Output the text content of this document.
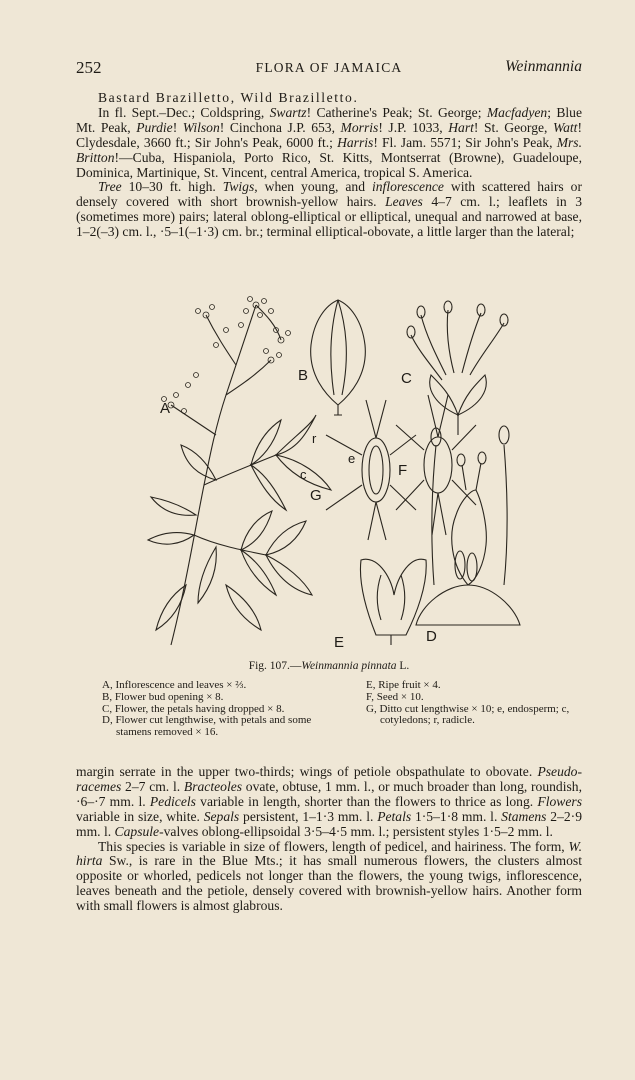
252	FLORA OF JAMAICA	Weinmannia

Bastard Brazilletto, Wild Brazilletto.

In fl. Sept.–Dec.; Coldspring, Swartz! Catherine's Peak; St. George; Macfadyen; Blue Mt. Peak, Purdie! Wilson! Cinchona J.P. 653, Morris! J.P. 1033, Hart! St. George, Watt! Clydesdale, 3660 ft.; Sir John's Peak, 6000 ft.; Harris! Fl. Jam. 5571; Sir John's Peak, Mrs. Britton!—Cuba, Hispaniola, Porto Rico, St. Kitts, Montserrat (Browne), Guadeloupe, Dominica, Martinique, St. Vincent, central America, tropical S. America.

Tree 10–30 ft. high. Twigs, when young, and inflorescence with scattered hairs or densely covered with short brownish-yellow hairs. Leaves 4–7 cm. l.; leaflets in 3 (sometimes more) pairs; lateral oblong-elliptical or elliptical, unequal and narrowed at base, 1–2(–3) cm. l., ·5–1(–1·3) cm. br.; terminal elliptical-obovate, a little larger than the lateral;

A
B	C
D
E
F
G
r
c
e
Fig. 107.—Weinmannia pinnata L.
A, Inflorescence and leaves × ⅔.
B, Flower bud opening × 8.
C, Flower, the petals having dropped × 8.
D, Flower cut lengthwise, with petals and some stamens removed × 16.
E, Ripe fruit × 4.
F, Seed × 10.
G, Ditto cut lengthwise × 10; e, endosperm; c, cotyledons; r, radicle.

margin serrate in the upper two-thirds; wings of petiole obspathulate to obovate. Pseudo-racemes 2–7 cm. l. Bracteoles ovate, obtuse, 1 mm. l., or much broader than long, roundish, ·6–·7 mm. l. Pedicels variable in length, shorter than the flowers to thrice as long. Flowers variable in size, white. Sepals persistent, 1–1·3 mm. l. Petals 1·5–1·8 mm. l. Stamens 2–2·9 mm. l. Capsule-valves oblong-ellipsoidal 3·5–4·5 mm. l.; persistent styles 1·5–2 mm. l.

This species is variable in size of flowers, length of pedicel, and hairiness. The form, W. hirta Sw., is rare in the Blue Mts.; it has small numerous flowers, the clusters almost opposite or whorled, pedicels not longer than the flowers, the young twigs, inflorescence, leaves beneath and the petiole, densely covered with brownish-yellow hairs. Another form with small flowers is almost glabrous.
